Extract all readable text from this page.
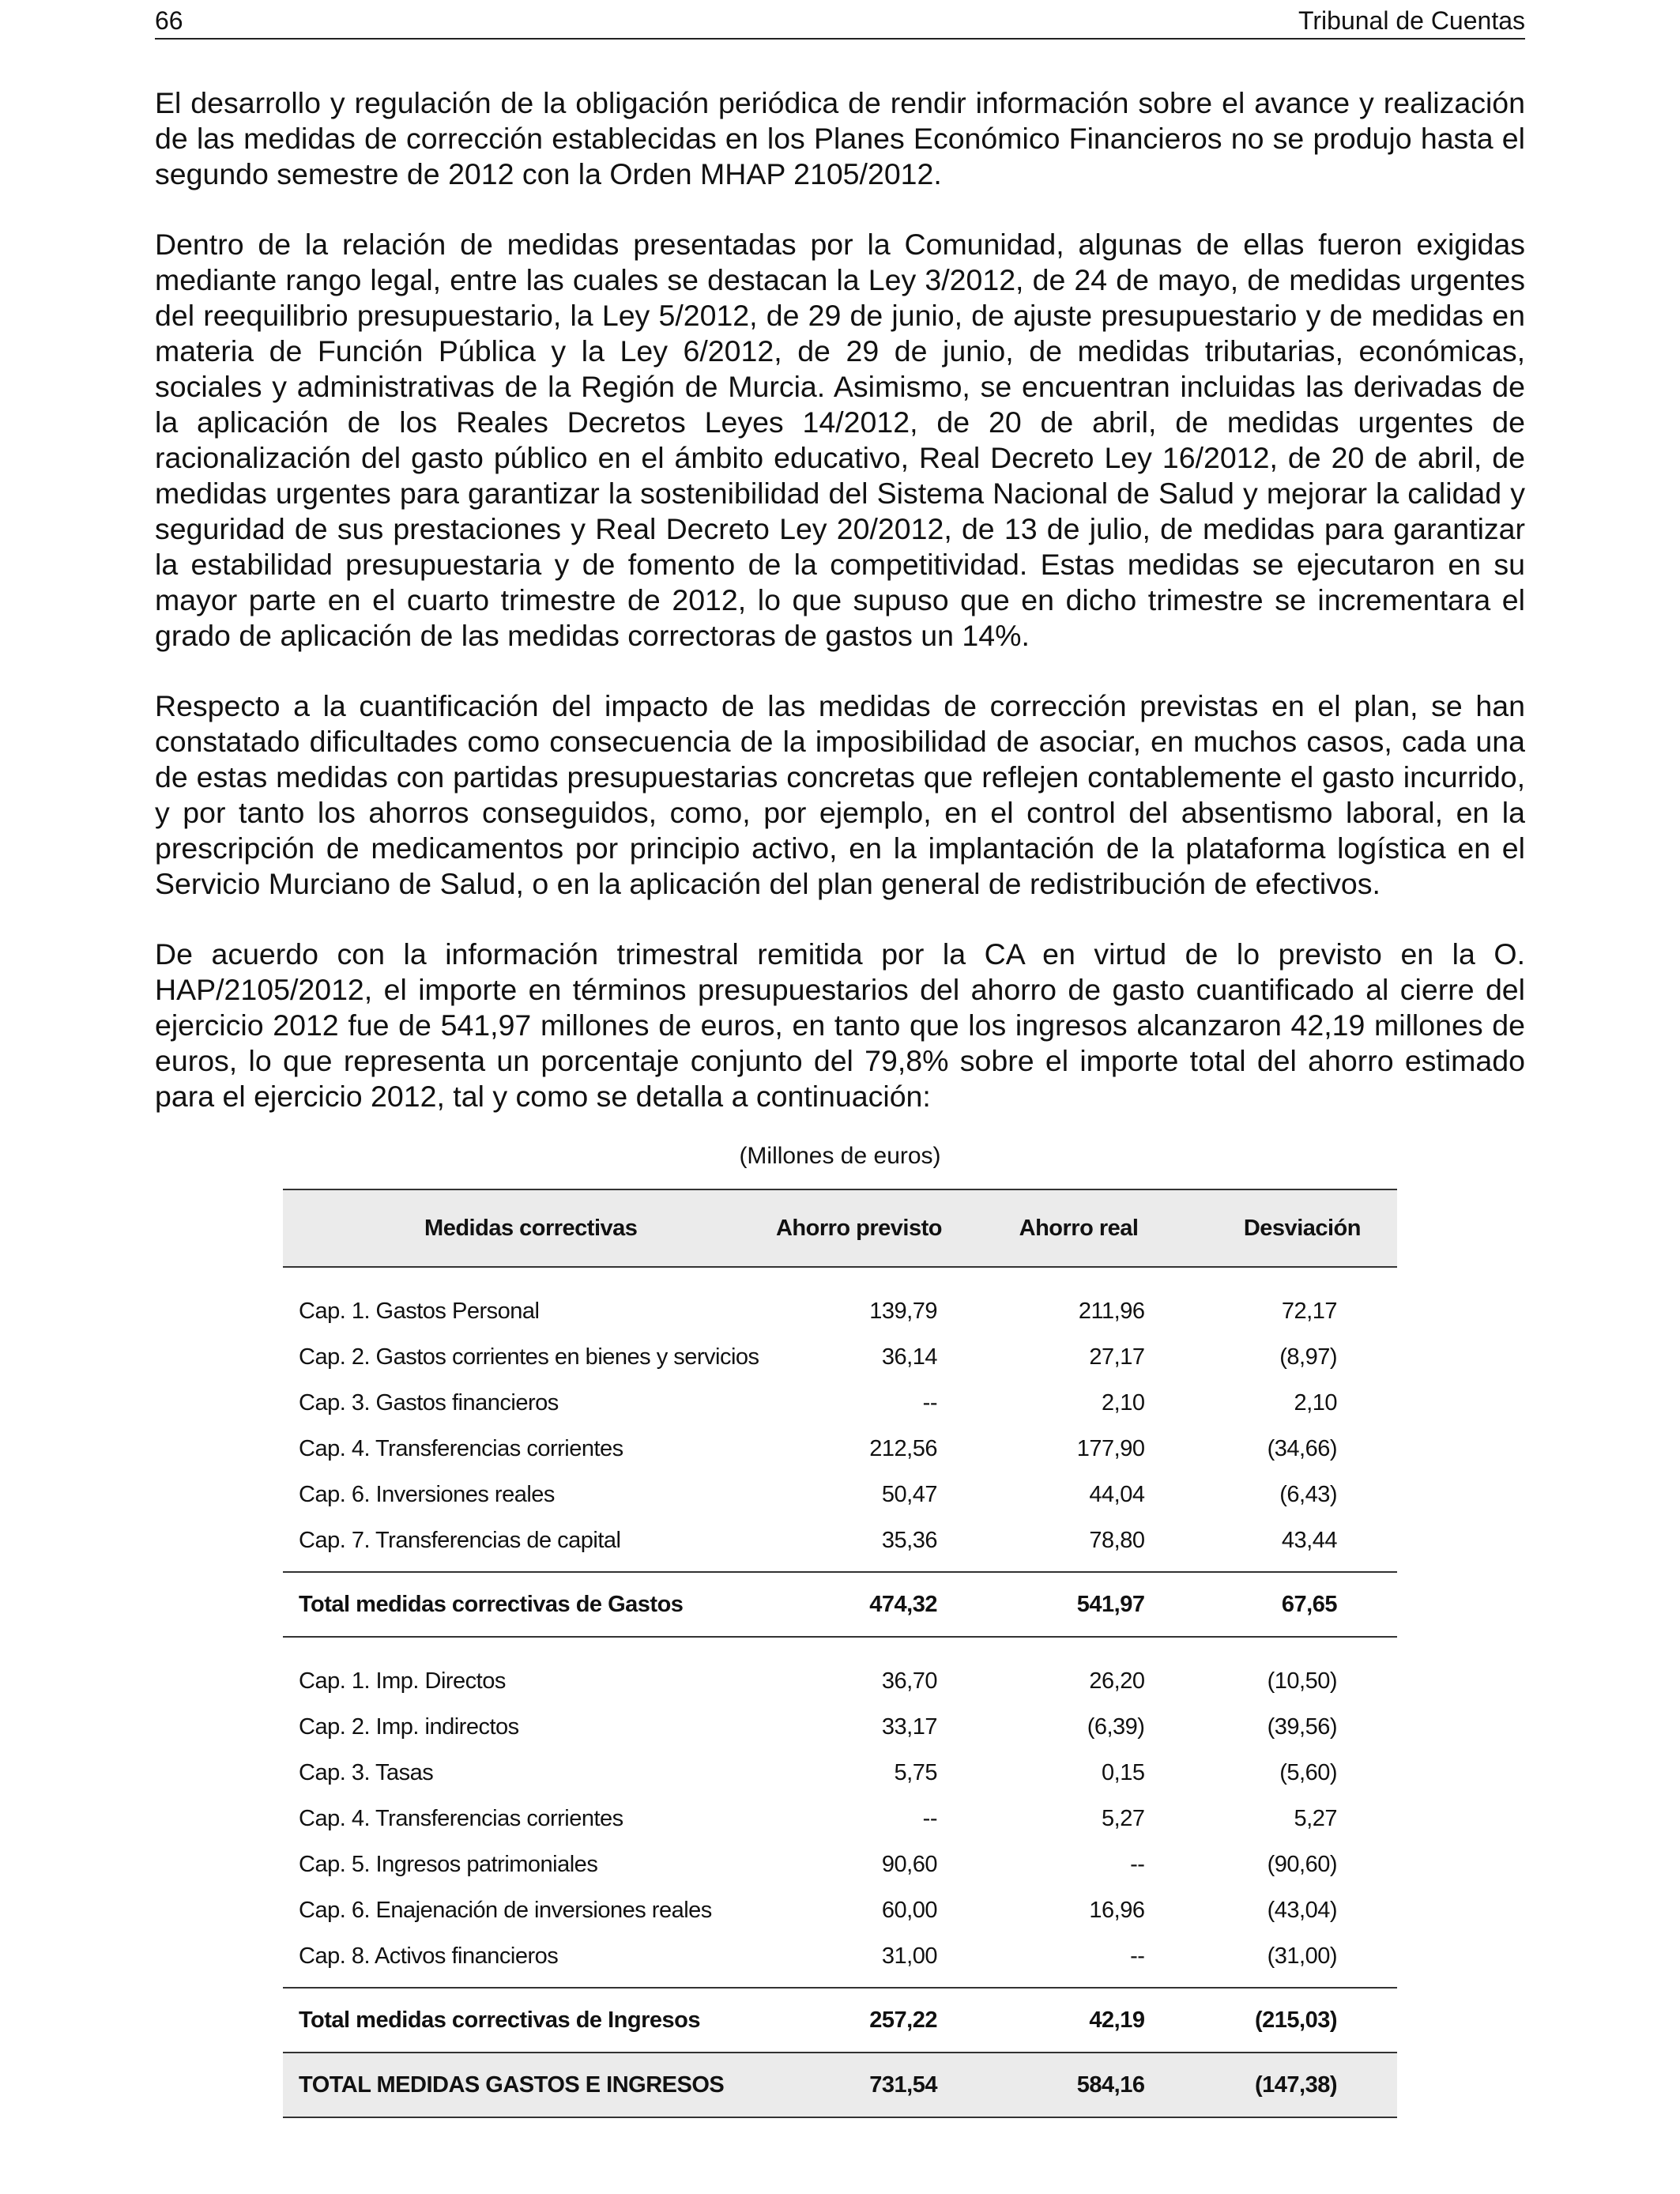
66	Tribunal de Cuentas

El desarrollo y regulación de la obligación periódica de rendir información sobre el avance y realización de las medidas de corrección establecidas en los Planes Económico Financieros no se produjo hasta el segundo semestre de 2012 con la Orden MHAP 2105/2012.

Dentro de la relación de medidas presentadas por la Comunidad, algunas de ellas fueron exigidas mediante rango legal, entre las cuales se destacan la Ley 3/2012, de 24 de mayo, de medidas urgentes del reequilibrio presupuestario, la Ley 5/2012, de 29 de junio, de ajuste presupuestario y de medidas en materia de Función Pública y la Ley 6/2012, de 29 de junio, de medidas tributarias, económicas, sociales y administrativas de la Región de Murcia. Asimismo, se encuentran incluidas las derivadas de la aplicación de los Reales Decretos Leyes 14/2012, de 20 de abril, de medidas urgentes de racionalización del gasto público en el ámbito educativo, Real Decreto Ley 16/2012, de 20 de abril, de medidas urgentes para garantizar la sostenibilidad del Sistema Nacional de Salud y mejorar la calidad y seguridad de sus prestaciones y Real Decreto Ley 20/2012, de 13 de julio, de medidas para garantizar la estabilidad presupuestaria y de fomento de la competitividad. Estas medidas se ejecutaron en su mayor parte en el cuarto trimestre de 2012, lo que supuso que en dicho trimestre se incrementara el grado de aplicación de las medidas correctoras de gastos un 14%.

Respecto a la cuantificación del impacto de las medidas de corrección previstas en el plan, se han constatado dificultades como consecuencia de la imposibilidad de asociar, en muchos casos, cada una de estas medidas con partidas presupuestarias concretas que reflejen contablemente el gasto incurrido, y por tanto los ahorros conseguidos, como, por ejemplo, en el control del absentismo laboral, en la prescripción de medicamentos por principio activo, en la implantación de la plataforma logística en el Servicio Murciano de Salud, o en la aplicación del plan general de redistribución de efectivos.

De acuerdo con la información trimestral remitida por la CA en virtud de lo previsto en la O. HAP/2105/2012, el importe en términos presupuestarios del ahorro de gasto cuantificado al cierre del ejercicio 2012 fue de 541,97 millones de euros, en tanto que los ingresos alcanzaron 42,19 millones de euros, lo que representa un porcentaje conjunto del 79,8% sobre el importe total del ahorro estimado para el ejercicio 2012, tal y como se detalla a continuación:

(Millones de euros)
Medidas correctivas	Ahorro previsto	Ahorro real	Desviación
Cap. 1. Gastos Personal	139,79	211,96	72,17
Cap. 2. Gastos corrientes en bienes y servicios	36,14	27,17	(8,97)
Cap. 3. Gastos financieros	--	2,10	2,10
Cap. 4. Transferencias corrientes	212,56	177,90	(34,66)
Cap. 6. Inversiones reales	50,47	44,04	(6,43)
Cap. 7. Transferencias de capital	35,36	78,80	43,44
Total medidas correctivas de Gastos	474,32	541,97	67,65
Cap. 1. Imp. Directos	36,70	26,20	(10,50)
Cap. 2. Imp. indirectos	33,17	(6,39)	(39,56)
Cap. 3. Tasas	5,75	0,15	(5,60)
Cap. 4. Transferencias corrientes	--	5,27	5,27
Cap. 5. Ingresos patrimoniales	90,60	--	(90,60)
Cap. 6. Enajenación de inversiones reales	60,00	16,96	(43,04)
Cap. 8. Activos financieros	31,00	--	(31,00)
Total medidas correctivas de Ingresos	257,22	42,19	(215,03)
TOTAL MEDIDAS GASTOS E INGRESOS	731,54	584,16	(147,38)
